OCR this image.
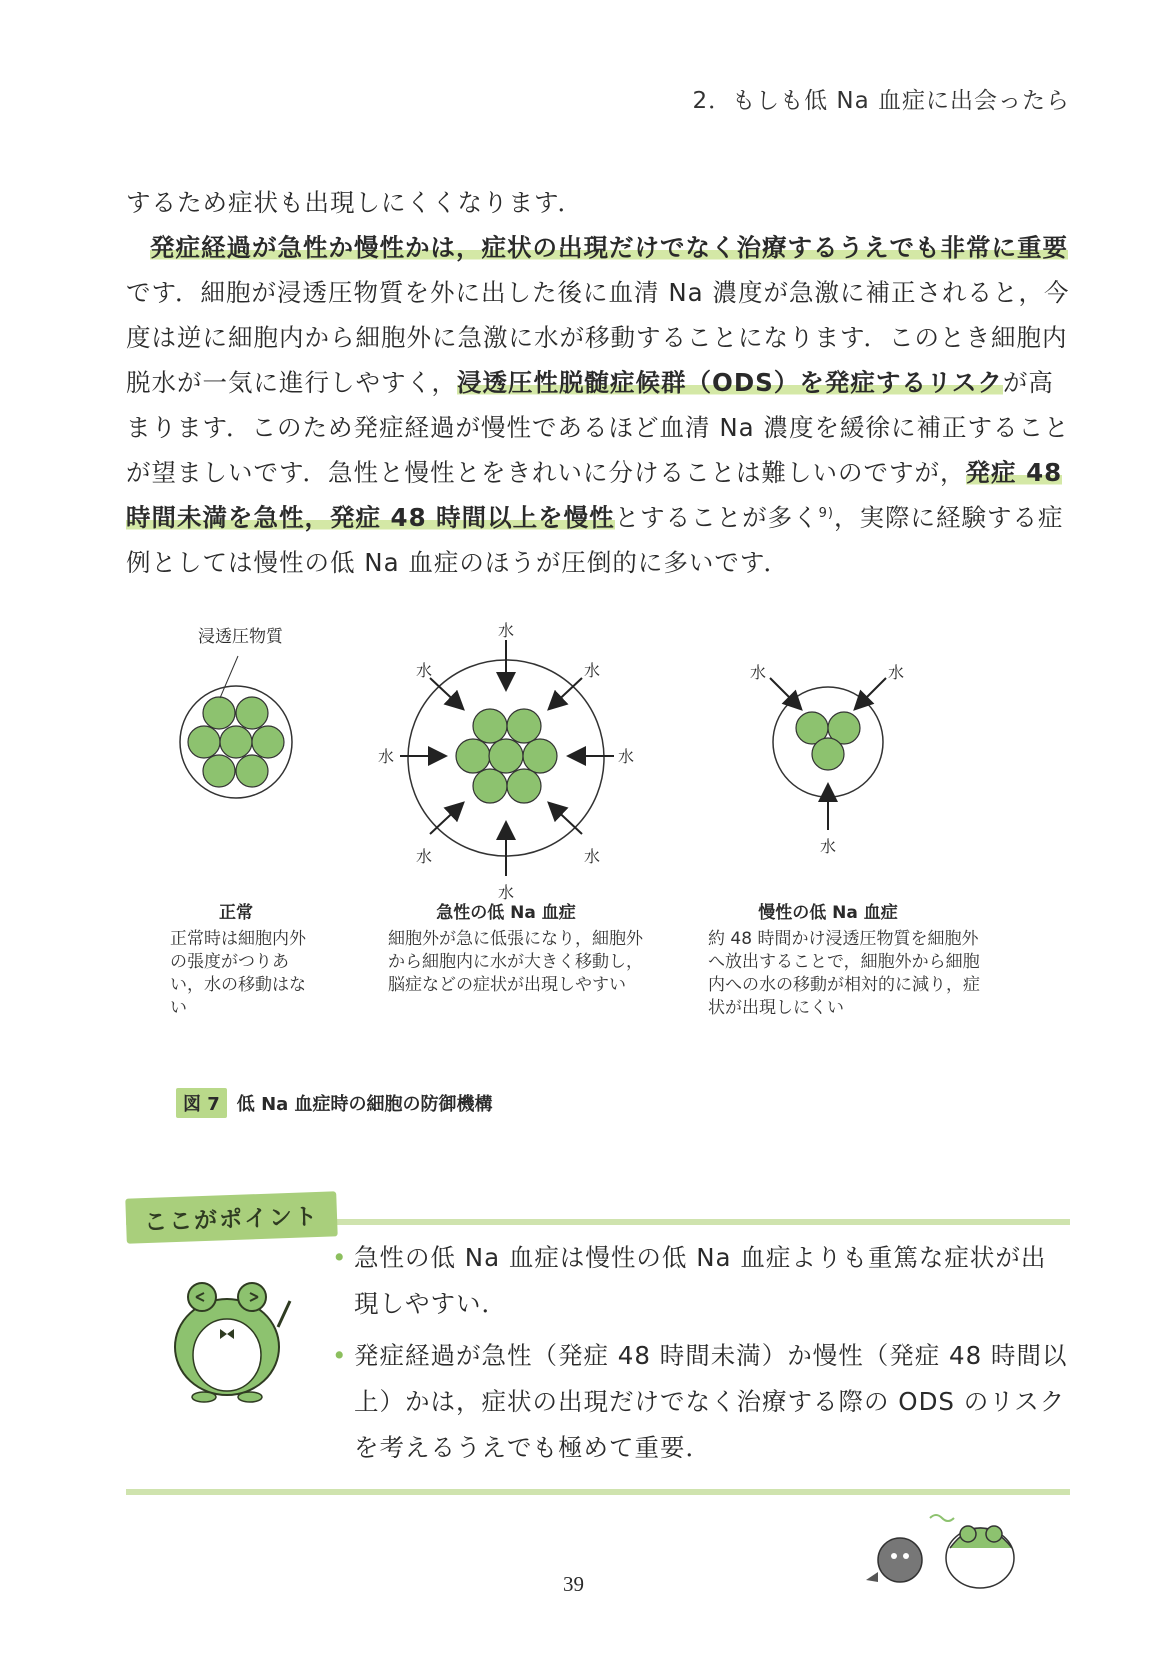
2．もしも低 Na 血症に出会ったら

するため症状も出現しにくくなります．

発症経過が急性か慢性かは，症状の出現だけでなく治療するうえでも非常に重要です．細胞が浸透圧物質を外に出した後に血清 Na 濃度が急激に補正されると，今度は逆に細胞内から細胞外に急激に水が移動することになります．このとき細胞内脱水が一気に進行しやすく，浸透圧性脱髄症候群（ODS）を発症するリスクが高まります．このため発症経過が慢性であるほど血清 Na 濃度を緩徐に補正することが望ましいです．急性と慢性とをきれいに分けることは難しいのですが，発症 48 時間未満を急性，発症 48 時間以上を慢性とすることが多く$^{9)}$，実際に経験する症例としては慢性の低 Na 血症のほうが圧倒的に多いです．

浸透圧物質	水
水
水	水
水	水
水	水
水	水
水
正常	急性の低 Na 血症	慢性の低 Na 血症
正常時は細胞内外の張度がつりあい，水の移動はない
細胞外が急に低張になり，細胞外から細胞内に水が大きく移動し，脳症などの症状が出現しやすい
約 48 時間かけ浸透圧物質を細胞外へ放出することで，細胞外から細胞内への水の移動が相対的に減り，症状が出現しにくい
図 7 低 Na 血症時の細胞の防御機構
ここがポイント
• 急性の低 Na 血症は慢性の低 Na 血症よりも重篤な症状が出現しやすい．
• 発症経過が急性（発症 48 時間未満）か慢性（発症 48 時間以上）かは，症状の出現だけでなく治療する際の ODS のリスクを考えるうえでも極めて重要．
39
